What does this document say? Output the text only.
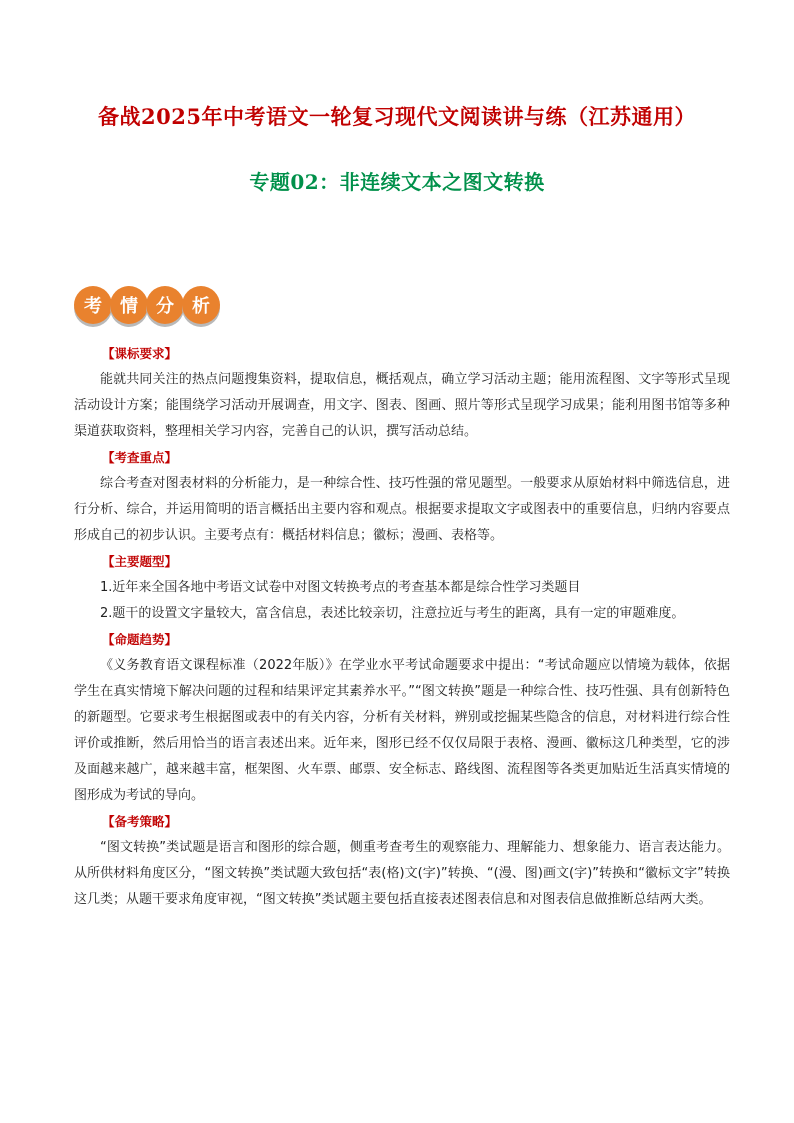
备战2025年中考语文一轮复习现代文阅读讲与练（江苏通用）
专题02：非连续文本之图文转换
考	情	分	析
【课标要求】

能就共同关注的热点问题搜集资料，提取信息，概括观点，确立学习活动主题；能用流程图、文字等形式呈现活动设计方案；能围绕学习活动开展调查，用文字、图表、图画、照片等形式呈现学习成果；能利用图书馆等多种渠道获取资料，整理相关学习内容，完善自己的认识，撰写活动总结。

【考查重点】

综合考查对图表材料的分析能力，是一种综合性、技巧性强的常见题型。一般要求从原始材料中筛选信息，进行分析、综合，并运用简明的语言概括出主要内容和观点。根据要求提取文字或图表中的重要信息，归纳内容要点形成自己的初步认识。主要考点有：概括材料信息；徽标；漫画、表格等。

【主要题型】

1.近年来全国各地中考语文试卷中对图文转换考点的考查基本都是综合性学习类题目

2.题干的设置文字量较大，富含信息，表述比较亲切，注意拉近与考生的距离，具有一定的审题难度。

【命题趋势】

《义务教育语文课程标准（2022年版）》在学业水平考试命题要求中提出：“考试命题应以情境为载体，依据学生在真实情境下解决问题的过程和结果评定其素养水平。”“图文转换”题是一种综合性、技巧性强、具有创新特色的新题型。它要求考生根据图或表中的有关内容，分析有关材料，辨别或挖掘某些隐含的信息，对材料进行综合性评价或推断，然后用恰当的语言表述出来。近年来，图形已经不仅仅局限于表格、漫画、徽标这几种类型，它的涉及面越来越广，越来越丰富，框架图、火车票、邮票、安全标志、路线图、流程图等各类更加贴近生活真实情境的图形成为考试的导向。

【备考策略】

“图文转换”类试题是语言和图形的综合题，侧重考查考生的观察能力、理解能力、想象能力、语言表达能力。从所供材料角度区分，“图文转换”类试题大致包括“表(格)文(字)”转换、“(漫、图)画文(字)”转换和“徽标文字”转换这几类；从题干要求角度审视，“图文转换”类试题主要包括直接表述图表信息和对图表信息做推断总结两大类。
